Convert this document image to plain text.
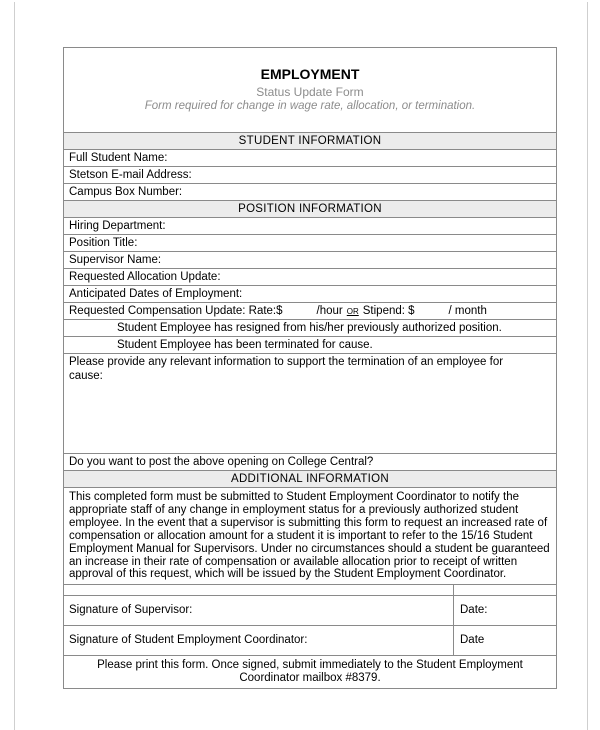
EMPLOYMENT
Status Update Form
Form required for change in wage rate, allocation, or termination.
STUDENT INFORMATION
Full Student Name:
Stetson E-mail Address:
Campus Box Number:
POSITION INFORMATION
Hiring Department:
Position Title:
Supervisor Name:
Requested Allocation Update:
Anticipated Dates of Employment:
Requested Compensation Update: Rate:$	/hour OR Stipend: $	/ month
Student Employee has resigned from his/her previously authorized position.
Student Employee has been terminated for cause.
Please provide any relevant information to support the termination of an employee for cause:
Do you want to post the above opening on College Central?
ADDITIONAL INFORMATION
This completed form must be submitted to Student Employment Coordinator to notify the appropriate staff of any change in employment status for a previously authorized student employee. In the event that a supervisor is submitting this form to request an increased rate of compensation or allocation amount for a student it is important to refer to the 15/16 Student Employment Manual for Supervisors. Under no circumstances should a student be guaranteed an increase in their rate of compensation or available allocation prior to receipt of written approval of this request, which will be issued by the Student Employment Coordinator.
Signature of Supervisor:	Date:
Signature of Student Employment Coordinator:	Date
Please print this form. Once signed, submit immediately to the Student Employment Coordinator mailbox #8379.
